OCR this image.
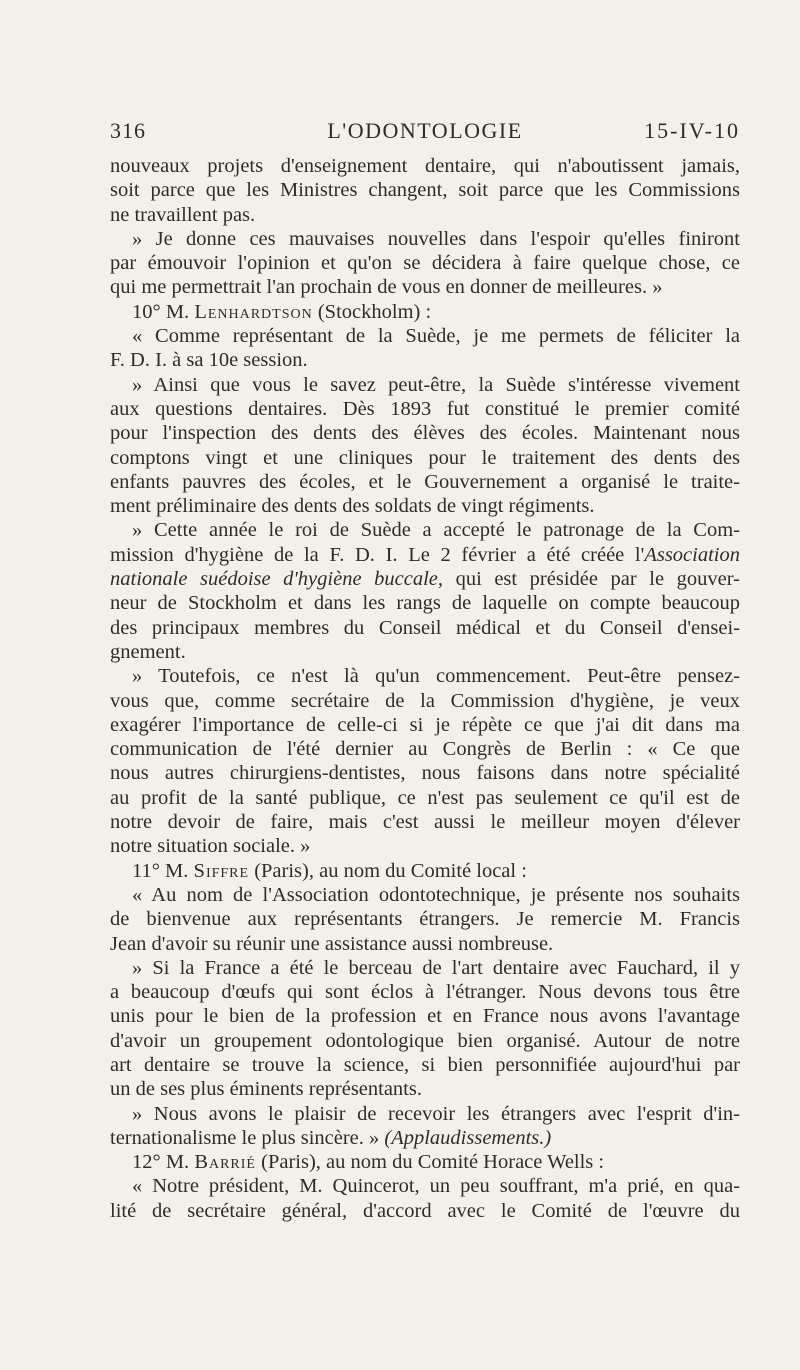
316	L'ODONTOLOGIE	15-IV-10
nouveaux projets d'enseignement dentaire, qui n'aboutissent jamais,
soit parce que les Ministres changent, soit parce que les Commissions
ne travaillent pas.
» Je donne ces mauvaises nouvelles dans l'espoir qu'elles finiront
par émouvoir l'opinion et qu'on se décidera à faire quelque chose, ce
qui me permettrait l'an prochain de vous en donner de meilleures. »
10° M. Lenhardtson (Stockholm) :
« Comme représentant de la Suède, je me permets de féliciter la
F. D. I. à sa 10e session.
» Ainsi que vous le savez peut-être, la Suède s'intéresse vivement
aux questions dentaires. Dès 1893 fut constitué le premier comité
pour l'inspection des dents des élèves des écoles. Maintenant nous
comptons vingt et une cliniques pour le traitement des dents des
enfants pauvres des écoles, et le Gouvernement a organisé le traite-
ment préliminaire des dents des soldats de vingt régiments.
» Cette année le roi de Suède a accepté le patronage de la Com-
mission d'hygiène de la F. D. I. Le 2 février a été créée l'Association
nationale suédoise d'hygiène buccale, qui est présidée par le gouver-
neur de Stockholm et dans les rangs de laquelle on compte beaucoup
des principaux membres du Conseil médical et du Conseil d'ensei-
gnement.
» Toutefois, ce n'est là qu'un commencement. Peut-être pensez-
vous que, comme secrétaire de la Commission d'hygiène, je veux
exagérer l'importance de celle-ci si je répète ce que j'ai dit dans ma
communication de l'été dernier au Congrès de Berlin : « Ce que
nous autres chirurgiens-dentistes, nous faisons dans notre spécialité
au profit de la santé publique, ce n'est pas seulement ce qu'il est de
notre devoir de faire, mais c'est aussi le meilleur moyen d'élever
notre situation sociale. »
11° M. Siffre (Paris), au nom du Comité local :
« Au nom de l'Association odontotechnique, je présente nos souhaits
de bienvenue aux représentants étrangers. Je remercie M. Francis
Jean d'avoir su réunir une assistance aussi nombreuse.
» Si la France a été le berceau de l'art dentaire avec Fauchard, il y
a beaucoup d'œufs qui sont éclos à l'étranger. Nous devons tous être
unis pour le bien de la profession et en France nous avons l'avantage
d'avoir un groupement odontologique bien organisé. Autour de notre
art dentaire se trouve la science, si bien personnifiée aujourd'hui par
un de ses plus éminents représentants.
» Nous avons le plaisir de recevoir les étrangers avec l'esprit d'in-
ternationalisme le plus sincère. » (Applaudissements.)
12° M. Barrié (Paris), au nom du Comité Horace Wells :
« Notre président, M. Quincerot, un peu souffrant, m'a prié, en qua-
lité de secrétaire général, d'accord avec le Comité de l'œuvre du
